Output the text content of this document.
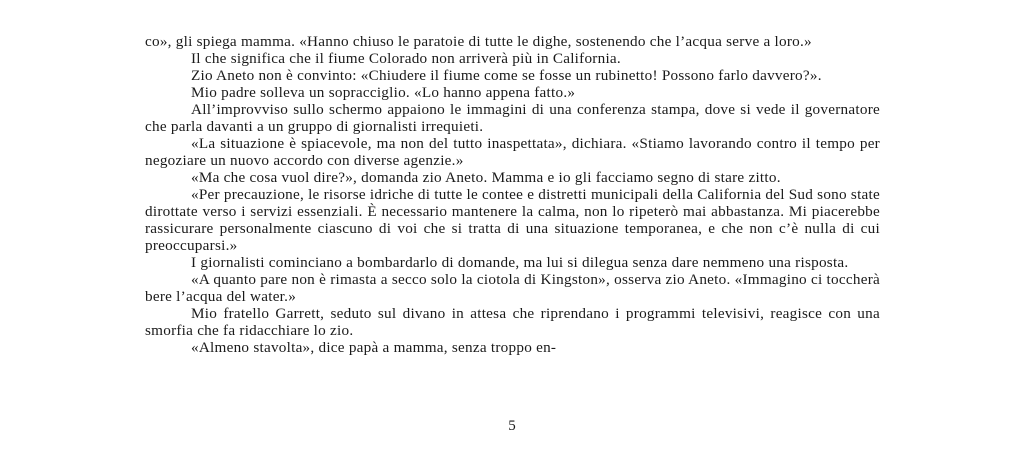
co», gli spiega mamma. «Hanno chiuso le paratoie di tutte le dighe, sostenendo che l’acqua serve a loro.»

Il che significa che il fiume Colorado non arriverà più in California.

Zio Aneto non è convinto: «Chiudere il fiume come se fosse un rubinetto! Possono farlo davvero?».

Mio padre solleva un sopracciglio. «Lo hanno appena fatto.»

All’improvviso sullo schermo appaiono le immagini di una conferenza stampa, dove si vede il governatore che parla davanti a un gruppo di giornalisti irrequieti.

«La situazione è spiacevole, ma non del tutto inaspettata», dichiara. «Stiamo lavorando contro il tempo per negoziare un nuovo accordo con diverse agenzie.»

«Ma che cosa vuol dire?», domanda zio Aneto. Mamma e io gli facciamo segno di stare zitto.

«Per precauzione, le risorse idriche di tutte le contee e distretti municipali della California del Sud sono state dirottate verso i servizi essenziali. È necessario mantenere la calma, non lo ripeterò mai abbastanza. Mi piacerebbe rassicurare personalmente ciascuno di voi che si tratta di una situazione temporanea, e che non c’è nulla di cui preoccuparsi.»

I giornalisti cominciano a bombardarlo di domande, ma lui si dilegua senza dare nemmeno una risposta.

«A quanto pare non è rimasta a secco solo la ciotola di Kingston», osserva zio Aneto. «Immagino ci toccherà bere l’acqua del water.»

Mio fratello Garrett, seduto sul divano in attesa che riprendano i programmi televisivi, reagisce con una smorfia che fa ridacchiare lo zio.

«Almeno stavolta», dice papà a mamma, senza troppo en-

5
